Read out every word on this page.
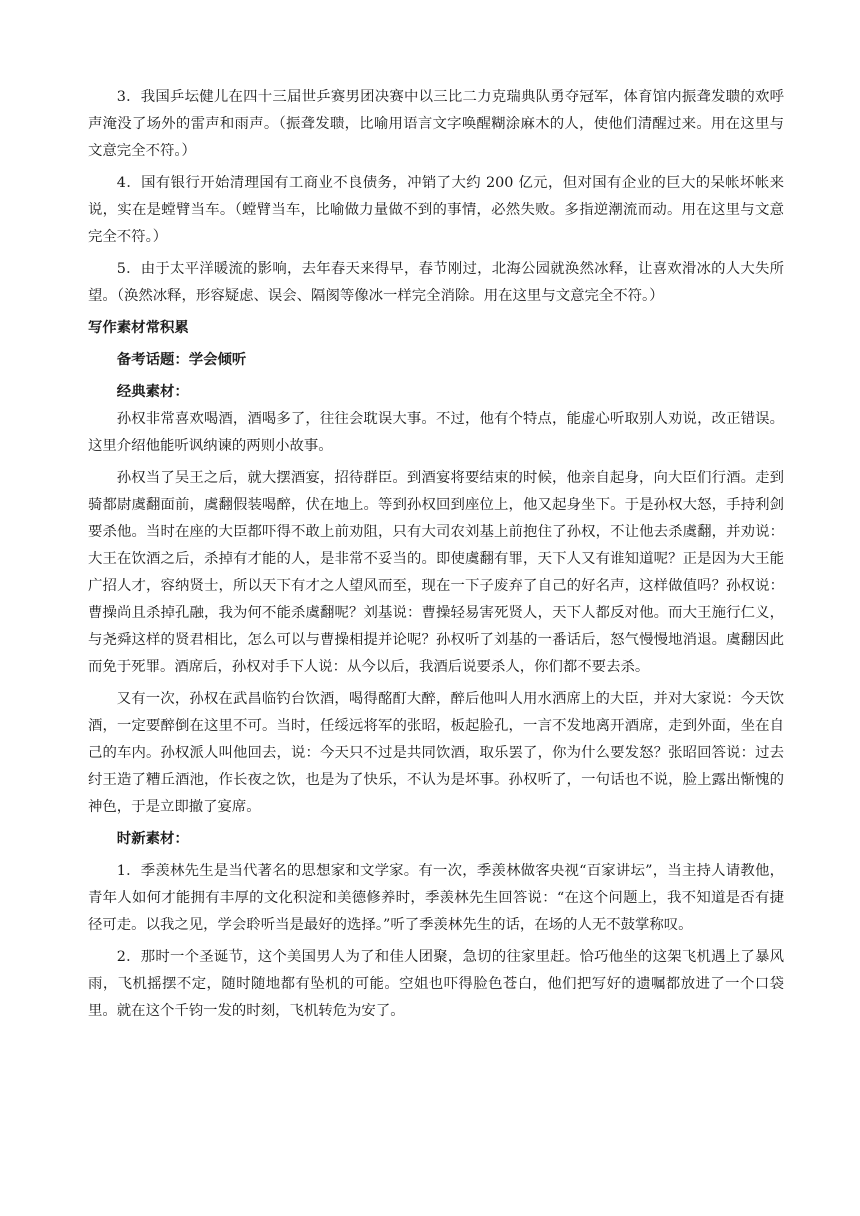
3．我国乒坛健儿在四十三届世乒赛男团决赛中以三比二力克瑞典队勇夺冠军，体育馆内振聋发聩的欢呼声淹没了场外的雷声和雨声。（振聋发聩，比喻用语言文字唤醒糊涂麻木的人，使他们清醒过来。用在这里与文意完全不符。）

4．国有银行开始清理国有工商业不良债务，冲销了大约 200 亿元，但对国有企业的巨大的呆帐坏帐来说，实在是螳臂当车。（螳臂当车，比喻做力量做不到的事情，必然失败。多指逆潮流而动。用在这里与文意完全不符。）

5．由于太平洋暖流的影响，去年春天来得早，春节刚过，北海公园就涣然冰释，让喜欢滑冰的人大失所望。（涣然冰释，形容疑虑、误会、隔阂等像冰一样完全消除。用在这里与文意完全不符。）

写作素材常积累

备考话题：学会倾听

经典素材：

孙权非常喜欢喝酒，酒喝多了，往往会耽误大事。不过，他有个特点，能虚心听取别人劝说，改正错误。这里介绍他能听讽纳谏的两则小故事。

孙权当了吴王之后，就大摆酒宴，招待群臣。到酒宴将要结束的时候，他亲自起身，向大臣们行酒。走到骑都尉虞翻面前，虞翻假装喝醉，伏在地上。等到孙权回到座位上，他又起身坐下。于是孙权大怒，手持利剑要杀他。当时在座的大臣都吓得不敢上前劝阻，只有大司农刘基上前抱住了孙权，不让他去杀虞翻，并劝说：大王在饮酒之后，杀掉有才能的人，是非常不妥当的。即使虞翻有罪，天下人又有谁知道呢？正是因为大王能广招人才，容纳贤士，所以天下有才之人望风而至，现在一下子废弃了自己的好名声，这样做值吗？孙权说：曹操尚且杀掉孔融，我为何不能杀虞翻呢？刘基说：曹操轻易害死贤人，天下人都反对他。而大王施行仁义，与尧舜这样的贤君相比，怎么可以与曹操相提并论呢？孙权听了刘基的一番话后，怒气慢慢地消退。虞翻因此而免于死罪。酒席后，孙权对手下人说：从今以后，我酒后说要杀人，你们都不要去杀。

又有一次，孙权在武昌临钓台饮酒，喝得酩酊大醉，醉后他叫人用水洒席上的大臣，并对大家说：今天饮酒，一定要醉倒在这里不可。当时，任绥远将军的张昭，板起脸孔，一言不发地离开酒席，走到外面，坐在自己的车内。孙权派人叫他回去，说：今天只不过是共同饮酒，取乐罢了，你为什么要发怒？张昭回答说：过去纣王造了糟丘酒池，作长夜之饮，也是为了快乐，不认为是坏事。孙权听了，一句话也不说，脸上露出惭愧的神色，于是立即撤了宴席。

时新素材：

1．季羡林先生是当代著名的思想家和文学家。有一次，季羡林做客央视“百家讲坛”，当主持人请教他，青年人如何才能拥有丰厚的文化积淀和美德修养时，季羡林先生回答说：“在这个问题上，我不知道是否有捷径可走。以我之见，学会聆听当是最好的选择。”听了季羡林先生的话，在场的人无不鼓掌称叹。

2．那时一个圣诞节，这个美国男人为了和佳人团聚，急切的往家里赶。恰巧他坐的这架飞机遇上了暴风雨，飞机摇摆不定，随时随地都有坠机的可能。空姐也吓得脸色苍白，他们把写好的遗嘱都放进了一个口袋里。就在这个千钧一发的时刻，飞机转危为安了。
